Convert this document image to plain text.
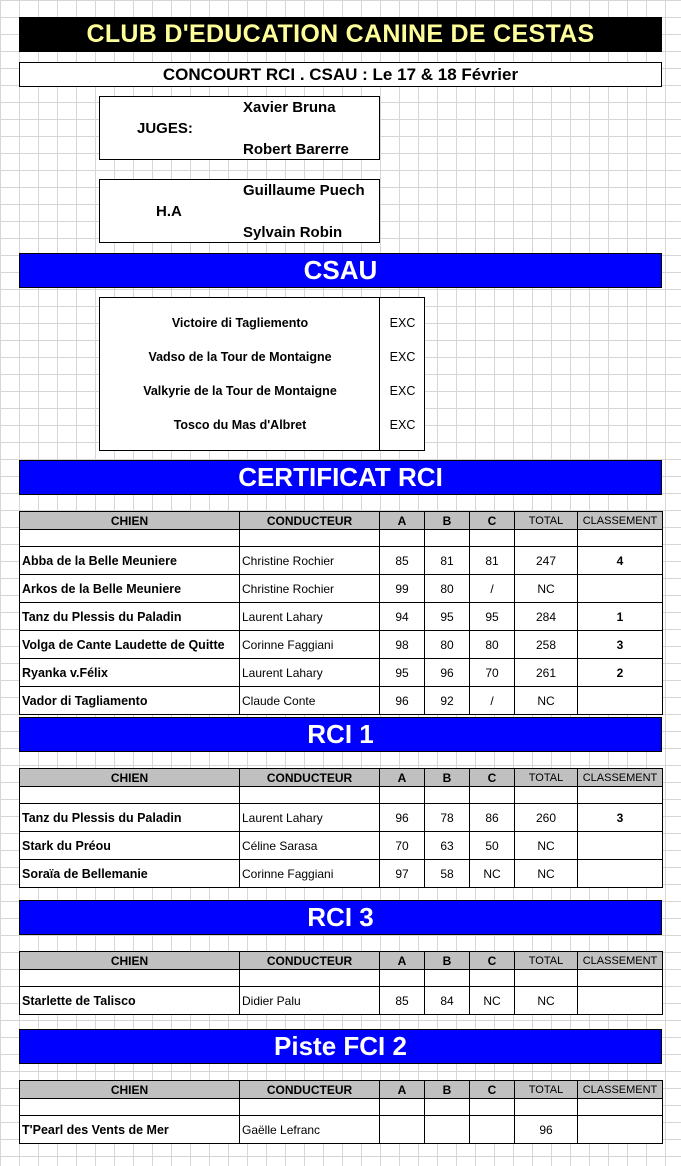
CLUB D'EDUCATION CANINE DE CESTAS
CONCOURT RCI . CSAU : Le 17 & 18 Février
JUGES:
Xavier Bruna
Robert Barerre
H.A
Guillaume Puech
Sylvain Robin
CSAU
Victoire di Tagliemento	EXC
Vadso de la Tour de Montaigne	EXC
Valkyrie de la Tour de Montaigne	EXC
Tosco du Mas d'Albret	EXC
CERTIFICAT RCI
CHIEN	CONDUCTEUR	A	B	C	TOTAL	CLASSEMENT

Abba de la Belle Meuniere	Christine Rochier	85	81	81	247	4
Arkos de la Belle Meuniere	Christine Rochier	99	80	/	NC	
Tanz du Plessis du Paladin	Laurent Lahary	94	95	95	284	1
Volga de Cante Laudette de Quitte	Corinne Faggiani	98	80	80	258	3
Ryanka v.Félix	Laurent Lahary	95	96	70	261	2
Vador di Tagliamento	Claude Conte	96	92	/	NC	
RCI 1
CHIEN	CONDUCTEUR	A	B	C	TOTAL	CLASSEMENT

Tanz du Plessis du Paladin	Laurent Lahary	96	78	86	260	3
Stark du Préou	Céline Sarasa	70	63	50	NC	
Soraïa de Bellemanie	Corinne Faggiani	97	58	NC	NC	
RCI 3
CHIEN	CONDUCTEUR	A	B	C	TOTAL	CLASSEMENT

Starlette de Talisco	Didier Palu	85	84	NC	NC	
Piste FCI 2
CHIEN	CONDUCTEUR	A	B	C	TOTAL	CLASSEMENT

T'Pearl des Vents de Mer	Gaëlle Lefranc				96	
